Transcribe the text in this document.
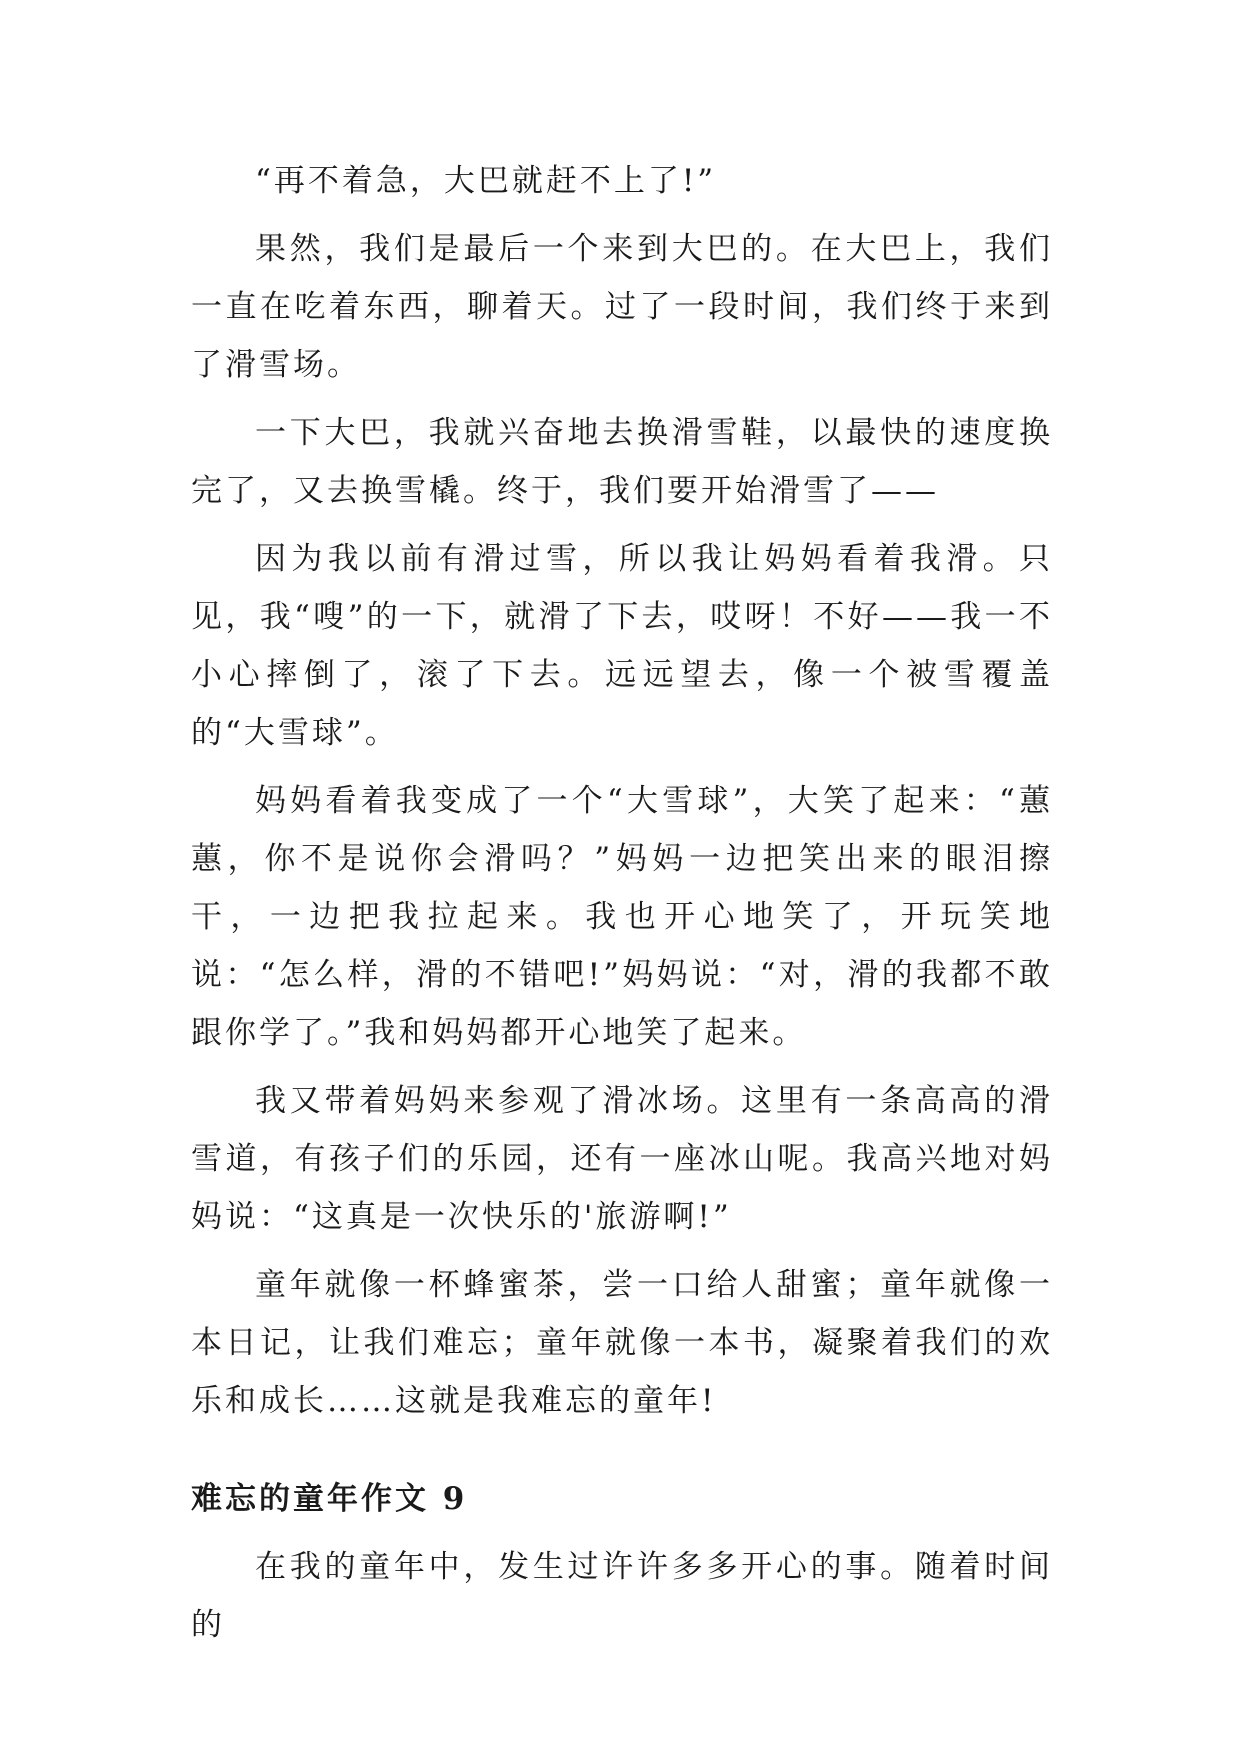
“再不着急，大巴就赶不上了!”

果然，我们是最后一个来到大巴的。在大巴上，我们一直在吃着东西，聊着天。过了一段时间，我们终于来到了滑雪场。

一下大巴，我就兴奋地去换滑雪鞋，以最快的速度换完了，又去换雪橇。终于，我们要开始滑雪了——

因为我以前有滑过雪，所以我让妈妈看着我滑。只见，我“嗖”的一下，就滑了下去，哎呀！不好——我一不小心摔倒了，滚了下去。远远望去，像一个被雪覆盖的“大雪球”。

妈妈看着我变成了一个“大雪球”，大笑了起来：“蕙蕙，你不是说你会滑吗？”妈妈一边把笑出来的眼泪擦干，一边把我拉起来。我也开心地笑了，开玩笑地说：“怎么样，滑的不错吧!”妈妈说：“对，滑的我都不敢跟你学了。”我和妈妈都开心地笑了起来。

我又带着妈妈来参观了滑冰场。这里有一条高高的滑雪道，有孩子们的乐园，还有一座冰山呢。我高兴地对妈妈说：“这真是一次快乐的'旅游啊!”

童年就像一杯蜂蜜茶，尝一口给人甜蜜；童年就像一本日记，让我们难忘；童年就像一本书，凝聚着我们的欢乐和成长……这就是我难忘的童年!

难忘的童年作文 9

在我的童年中，发生过许许多多开心的事。随着时间的
